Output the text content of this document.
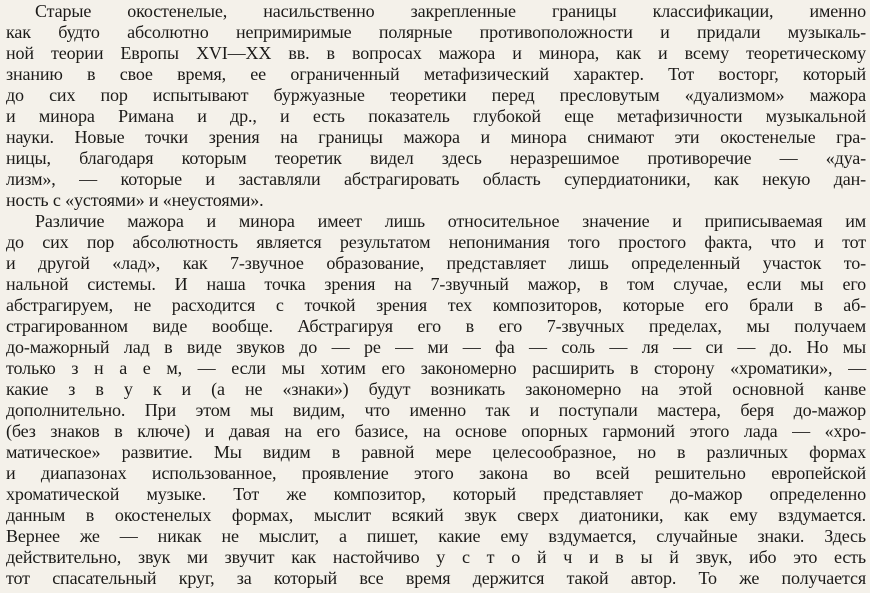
Старые окостенелые, насильственно закрепленные границы классификации, именно
как будто абсолютно непримиримые полярные противоположности и придали музыкаль-
ной теории Европы XVI—XX вв. в вопросах мажора и минора, как и всему теоретическому
знанию в свое время, ее ограниченный метафизический характер. Тот восторг, который
до сих пор испытывают буржуазные теоретики перед пресловутым «дуализмом» мажора
и минора Римана и др., и есть показатель глубокой еще метафизичности музыкальной
науки. Новые точки зрения на границы мажора и минора снимают эти окостенелые гра-
ницы, благодаря которым теоретик видел здесь неразрешимое противоречие — «дуа-
лизм», — которые и заставляли абстрагировать область супердиатоники, как некую дан-
ность с «устоями» и «неустоями».
Различие мажора и минора имеет лишь относительное значение и приписываемая им
до сих пор абсолютность является результатом непонимания того простого факта, что и тот
и другой «лад», как 7-звучное образование, представляет лишь определенный участок то-
нальной системы. И наша точка зрения на 7-звучный мажор, в том случае, если мы его
абстрагируем, не расходится с точкой зрения тех композиторов, которые его брали в аб-
страгированном виде вообще. Абстрагируя его в его 7-звучных пределах, мы получаем
до-мажорный лад в виде звуков до — ре — ми — фа — соль — ля — си — до. Но мы
только з н а е м, — если мы хотим его закономерно расширить в сторону «хроматики», —
какие з в у к и (а не «знаки») будут возникать закономерно на этой основной канве
дополнительно. При этом мы видим, что именно так и поступали мастера, беря до-мажор
(без знаков в ключе) и давая на его базисе, на основе опорных гармоний этого лада — «хро-
матическое» развитие. Мы видим в равной мере целесообразное, но в различных формах
и диапазонах использованное, проявление этого закона во всей решительно европейской
хроматической музыке. Тот же композитор, который представляет до-мажор определенно
данным в окостенелых формах, мыслит всякий звук сверх диатоники, как ему вздумается.
Вернее же — никак не мыслит, а пишет, какие ему вздумается, случайные знаки. Здесь
действительно, звук ми звучит как настойчиво у с т о й ч и в ы й звук, ибо это есть
тот спасательный круг, за который все время держится такой автор. То же получается
